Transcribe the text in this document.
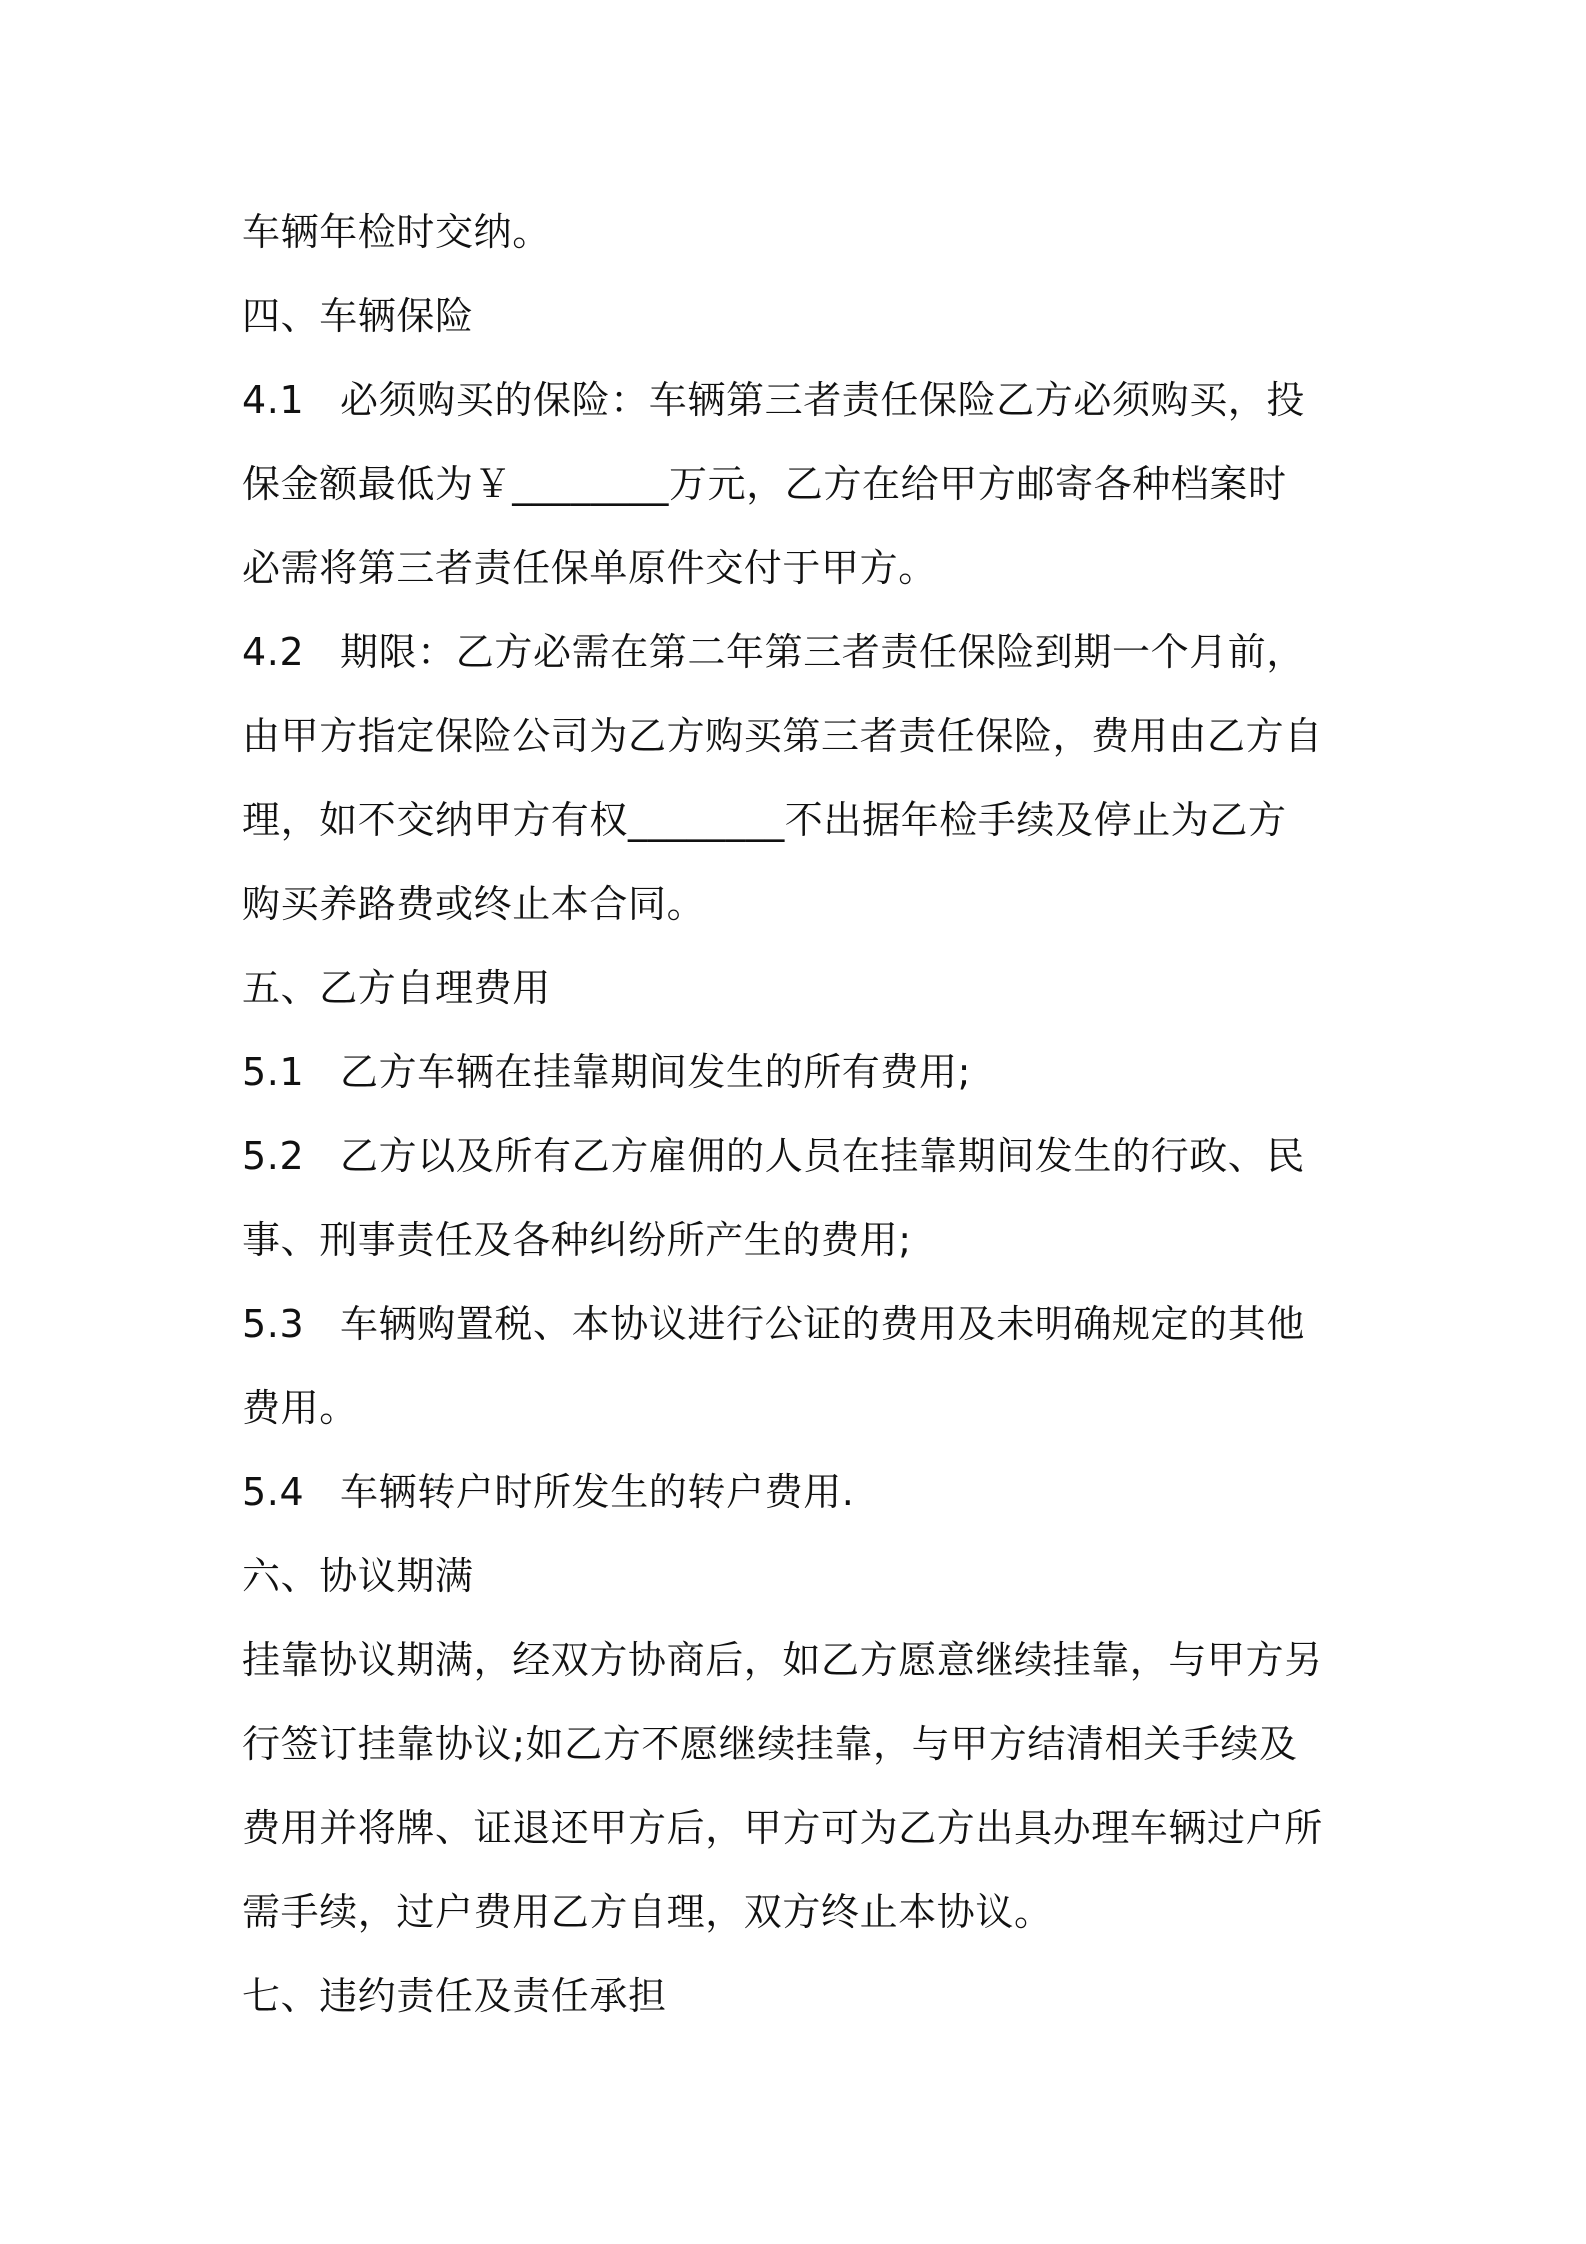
车辆年检时交纳。
四、车辆保险
4.1 必须购买的保险：车辆第三者责任保险乙方必须购买，投
保金额最低为￥________万元，乙方在给甲方邮寄各种档案时
必需将第三者责任保单原件交付于甲方。
4.2 期限：乙方必需在第二年第三者责任保险到期一个月前，
由甲方指定保险公司为乙方购买第三者责任保险，费用由乙方自
理，如不交纳甲方有权________不出据年检手续及停止为乙方
购买养路费或终止本合同。
五、乙方自理费用
5.1 乙方车辆在挂靠期间发生的所有费用;
5.2 乙方以及所有乙方雇佣的人员在挂靠期间发生的行政、民
事、刑事责任及各种纠纷所产生的费用;
5.3 车辆购置税、本协议进行公证的费用及未明确规定的其他
费用。
5.4 车辆转户时所发生的转户费用.
六、协议期满
挂靠协议期满，经双方协商后，如乙方愿意继续挂靠，与甲方另
行签订挂靠协议;如乙方不愿继续挂靠，与甲方结清相关手续及
费用并将牌、证退还甲方后，甲方可为乙方出具办理车辆过户所
需手续，过户费用乙方自理，双方终止本协议。
七、违约责任及责任承担
